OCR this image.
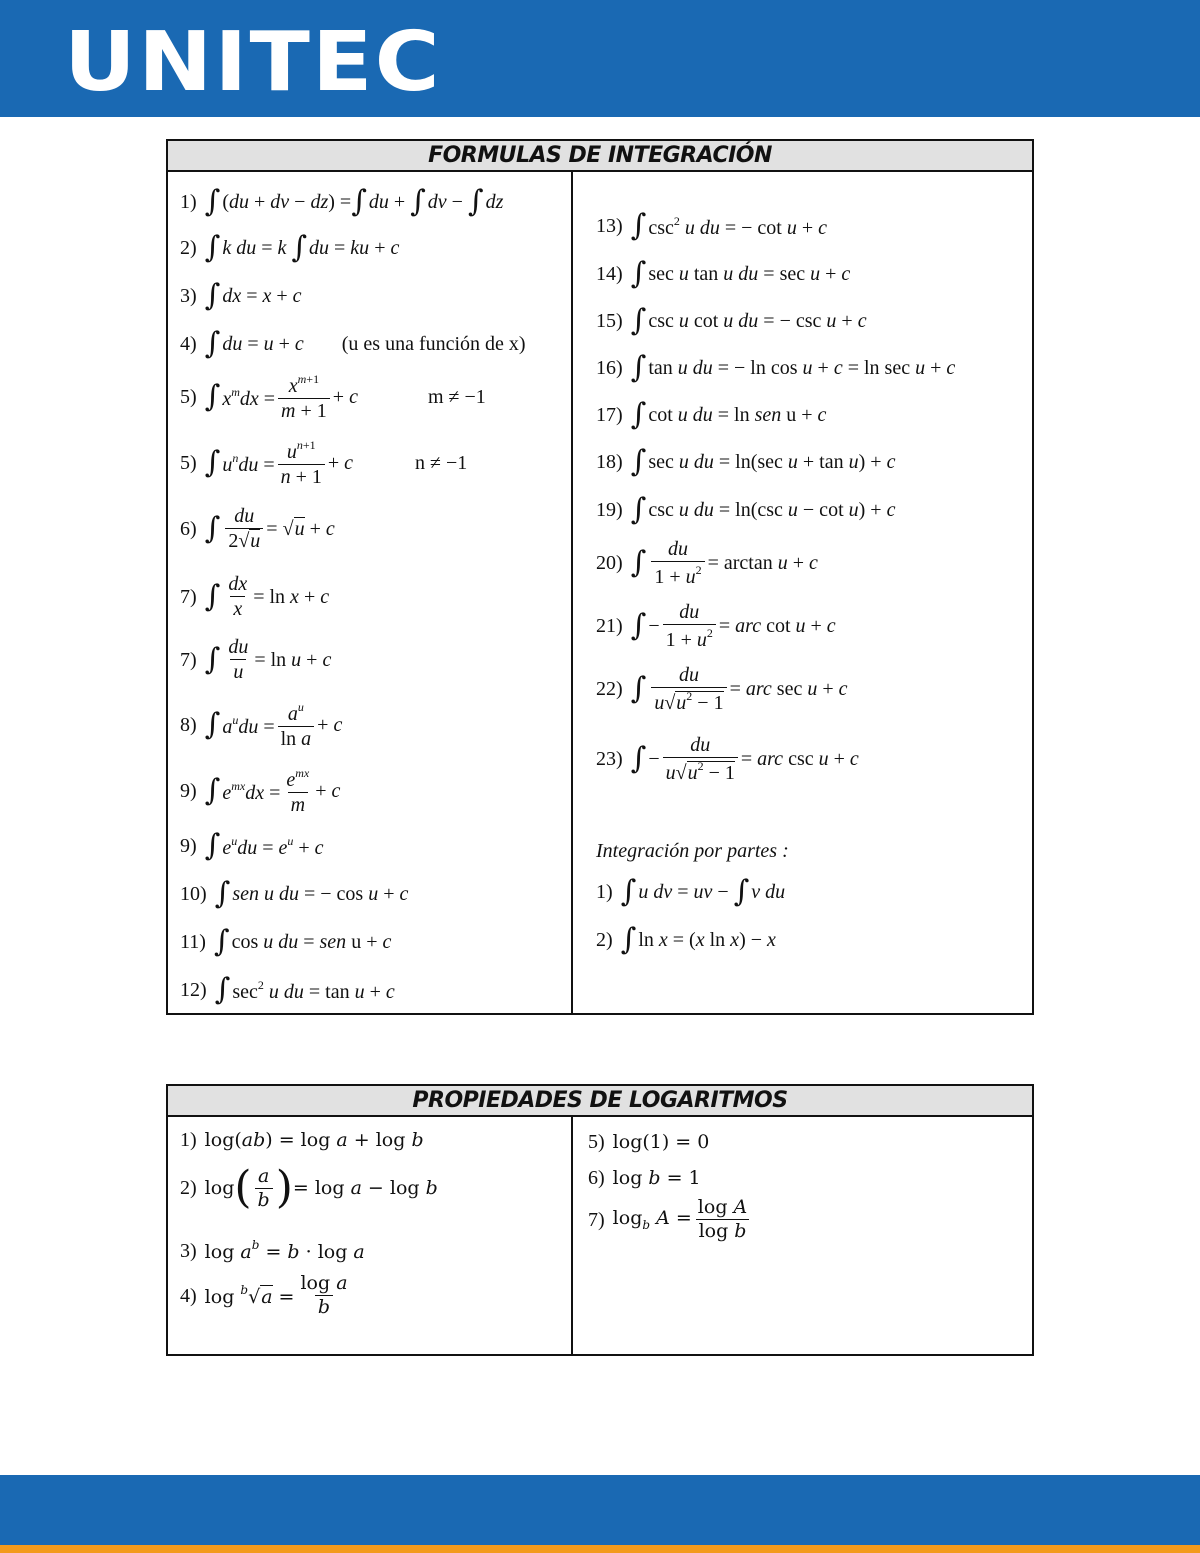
UNITEC
FORMULAS DE INTEGRACIÓN
1) ∫ (du + dv − dz) = ∫ du + ∫ dv − ∫ dz
2) ∫ k du = k ∫ du = ku + c
3) ∫ dx = x + c
4) ∫ du = u + c (u es una función de x)
5) ∫ $x^mdx = \frac{x^{m+1}}{m + 1} + c$	m ≠ −1
5) ∫ $u^ndu = \frac{u^{n+1}}{n + 1} + c$	n ≠ −1
6) ∫ $\frac{du}{2√u} = √u + c$
7) ∫ $\frac{dx}{x} = \ln x + c$
7) ∫ $\frac{du}{u} = \ln u + c$
8) ∫ $a^udu = \frac{a^u}{\text{ln a}} + c$
9) ∫ $e^{mx}dx = \frac{e^{mx}}{m} + c$
9) ∫ $e^udu = e^u + c$
10) ∫ sen u du = − cos u + c
11) ∫ cos u du = sen u + c
12) ∫ $\sec^2 u$ du = tan u + c
13) ∫ $\csc^2 u$ du = − cot u + c
14) ∫ sec u tan u du = sec u + c
15) ∫ csc u cot u du = − csc u + c
16) ∫ tan u du = − ln cos u + c = ln sec u + c
17) ∫ cot u du = ln sen u + c
18) ∫ sec u du = ln(sec u + tan u) + c
19) ∫ csc u du = ln(csc u − cot u) + c
20) ∫ $\frac{du}{1 + u^2} = \arctan u + c$
21) ∫ − $\frac{du}{1 + u^2}$ = arc cot u + c
22) ∫ $\frac{du}{u√u^2 - 1}$ = arc sec u + c
23) ∫ − $\frac{du}{u√u^2 - 1}$ = arc csc u + c
Integración por partes :
1) ∫ u dv = uv − ∫ v du
2) ∫ ln x = (x ln x) − x
PROPIEDADES DE LOGARITMOS
1) log(ab) = log a + log b
2) log ( $\frac{a}{b}$ ) = log a − log b
3) $\log a^b = b \cdot \log a$
4) $\log ^b√a = \frac{\text{log a}}{b}$
5) log(1) = 0
6) log b = 1
7) $\log_b A = \frac{\text{log A}}{\text{log b}}$
